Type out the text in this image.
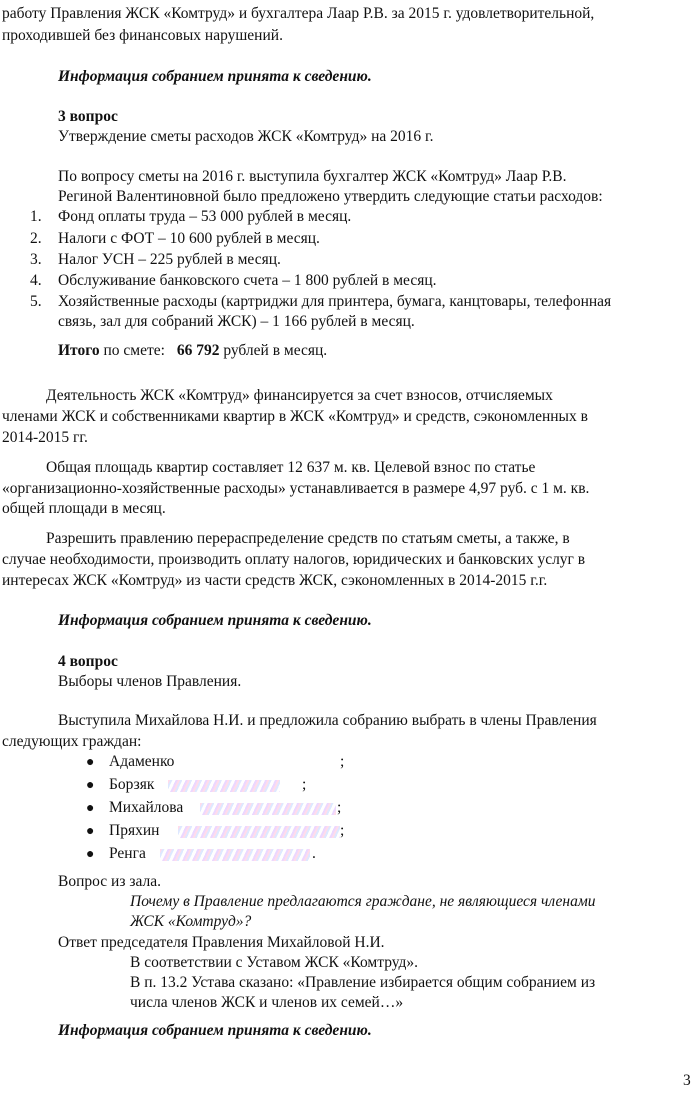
работу Правления ЖСК «Комтруд» и бухгалтера Лаар Р.В. за 2015 г. удовлетворительной,
проходившей без финансовых нарушений.
Информация собранием принята к сведению.
3 вопрос
Утверждение сметы расходов ЖСК «Комтруд» на 2016 г.
По вопросу сметы на 2016 г. выступила бухгалтер ЖСК «Комтруд» Лаар Р.В.
Региной Валентиновной было предложено утвердить следующие статьи расходов:
1. Фонд оплаты труда – 53 000 рублей в месяц.
2. Налоги с ФОТ – 10 600 рублей в месяц.
3. Налог УСН – 225 рублей в месяц.
4. Обслуживание банковского счета – 1 800 рублей в месяц.
5. Хозяйственные расходы (картриджи для принтера, бумага, канцтовары, телефонная
связь, зал для собраний ЖСК) – 1 166 рублей в месяц.
Итого по смете: 66 792 рублей в месяц.
Деятельность ЖСК «Комтруд» финансируется за счет взносов, отчисляемых
членами ЖСК и собственниками квартир в ЖСК «Комтруд» и средств, сэкономленных в
2014-2015 гг.
Общая площадь квартир составляет 12 637 м. кв. Целевой взнос по статье
«организационно-хозяйственные расходы» устанавливается в размере 4,97 руб. с 1 м. кв.
общей площади в месяц.
Разрешить правлению перераспределение средств по статьям сметы, а также, в
случае необходимости, производить оплату налогов, юридических и банковских услуг в
интересах ЖСК «Комтруд» из части средств ЖСК, сэкономленных в 2014-2015 г.г.
Информация собранием принята к сведению.
4 вопрос
Выборы членов Правления.
Выступила Михайлова Н.И. и предложила собранию выбрать в члены Правления
следующих граждан:
● Адаменко	;
● Борзяк	;
● Михайлова	;
● Пряхин	;
● Ренга	.
Вопрос из зала.
Почему в Правление предлагаются граждане, не являющиеся членами
ЖСК «Комтруд»?
Ответ председателя Правления Михайловой Н.И.
В соответствии с Уставом ЖСК «Комтруд».
В п. 13.2 Устава сказано: «Правление избирается общим собранием из
числа членов ЖСК и членов их семей…»
Информация собранием принята к сведению.
3
